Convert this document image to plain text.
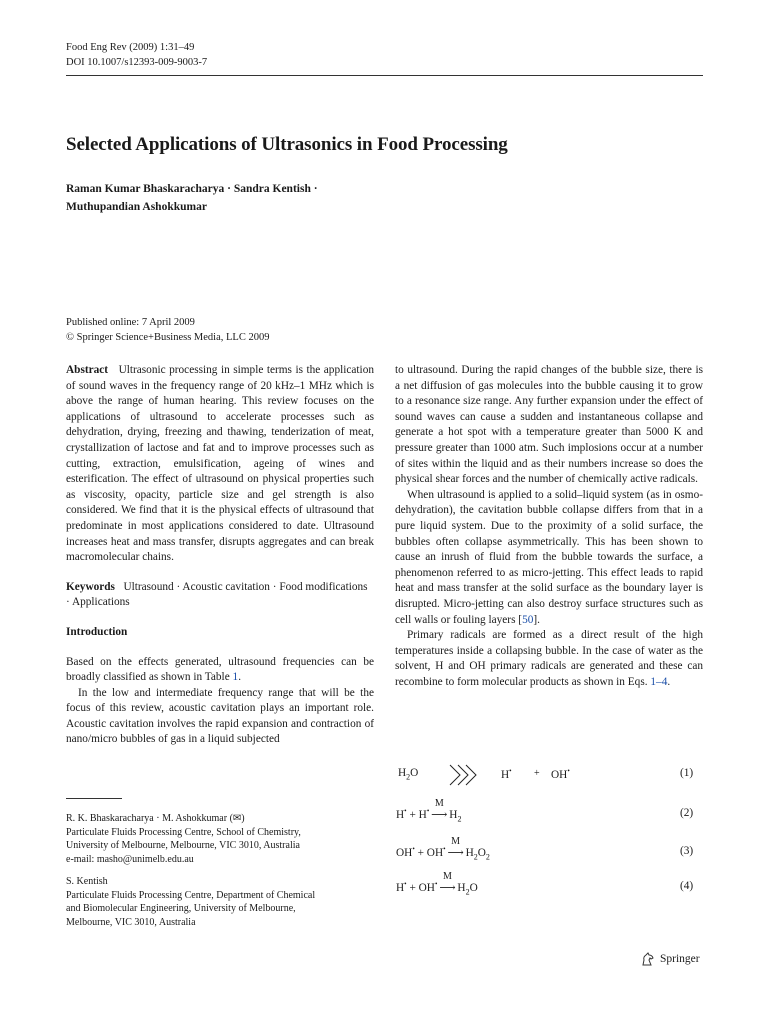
Food Eng Rev (2009) 1:31–49
DOI 10.1007/s12393-009-9003-7
Selected Applications of Ultrasonics in Food Processing
Raman Kumar Bhaskaracharya · Sandra Kentish ·
Muthupandian Ashokkumar
Published online: 7 April 2009
© Springer Science+Business Media, LLC 2009

Abstract Ultrasonic processing in simple terms is the application of sound waves in the frequency range of 20 kHz–1 MHz which is above the range of human hearing. This review focuses on the applications of ultrasound to accelerate processes such as dehydration, drying, freezing and thawing, tenderization of meat, crystallization of lactose and fat and to improve processes such as cutting, extraction, emulsification, ageing of wines and esterification. The effect of ultrasound on physical properties such as viscosity, opacity, particle size and gel strength is also considered. We find that it is the physical effects of ultrasound that predominate in most applications considered to date. Ultrasound increases heat and mass transfer, disrupts aggregates and can break macromolecular chains.

Keywords Ultrasound · Acoustic cavitation · Food modifications · Applications

Introduction

Based on the effects generated, ultrasound frequencies can be broadly classified as shown in Table 1.

In the low and intermediate frequency range that will be the focus of this review, acoustic cavitation plays an important role. Acoustic cavitation involves the rapid expansion and contraction of nano/micro bubbles of gas in a liquid subjected

to ultrasound. During the rapid changes of the bubble size, there is a net diffusion of gas molecules into the bubble causing it to grow to a resonance size range. Any further expansion under the effect of sound waves can cause a sudden and instantaneous collapse and generate a hot spot with a temperature greater than 5000 K and pressure greater than 1000 atm. Such implosions occur at a number of sites within the liquid and as their numbers increase so does the physical shear forces and the number of chemically active radicals.

When ultrasound is applied to a solid–liquid system (as in osmo-dehydration), the cavitation bubble collapse differs from that in a pure liquid system. Due to the proximity of a solid surface, the bubbles often collapse asymmetrically. This has been shown to cause an inrush of fluid from the bubble towards the surface, a phenomenon referred to as micro-jetting. This effect leads to rapid heat and mass transfer at the solid surface as the boundary layer is disrupted. Micro-jetting can also destroy surface structures such as cell walls or fouling layers [50].

Primary radicals are formed as a direct result of the high temperatures inside a collapsing bubble. In the case of water as the solvent, H and OH primary radicals are generated and these can recombine to form molecular products as shown in Eqs. 1–4.

$H_2O$	H• + OH•	(1)
H• + H•
M
⟶ $H_2$	(2)
OH• + OH•
M
⟶ $H_2O_2$	(3)
H• + OH•
M
⟶ $H_2O$	(4)
R. K. Bhaskaracharya · M. Ashokkumar (✉)
Particulate Fluids Processing Centre, School of Chemistry,
University of Melbourne, Melbourne, VIC 3010, Australia
e-mail: masho@unimelb.edu.au
S. Kentish
Particulate Fluids Processing Centre, Department of Chemical
and Biomolecular Engineering, University of Melbourne,
Melbourne, VIC 3010, Australia
Springer
